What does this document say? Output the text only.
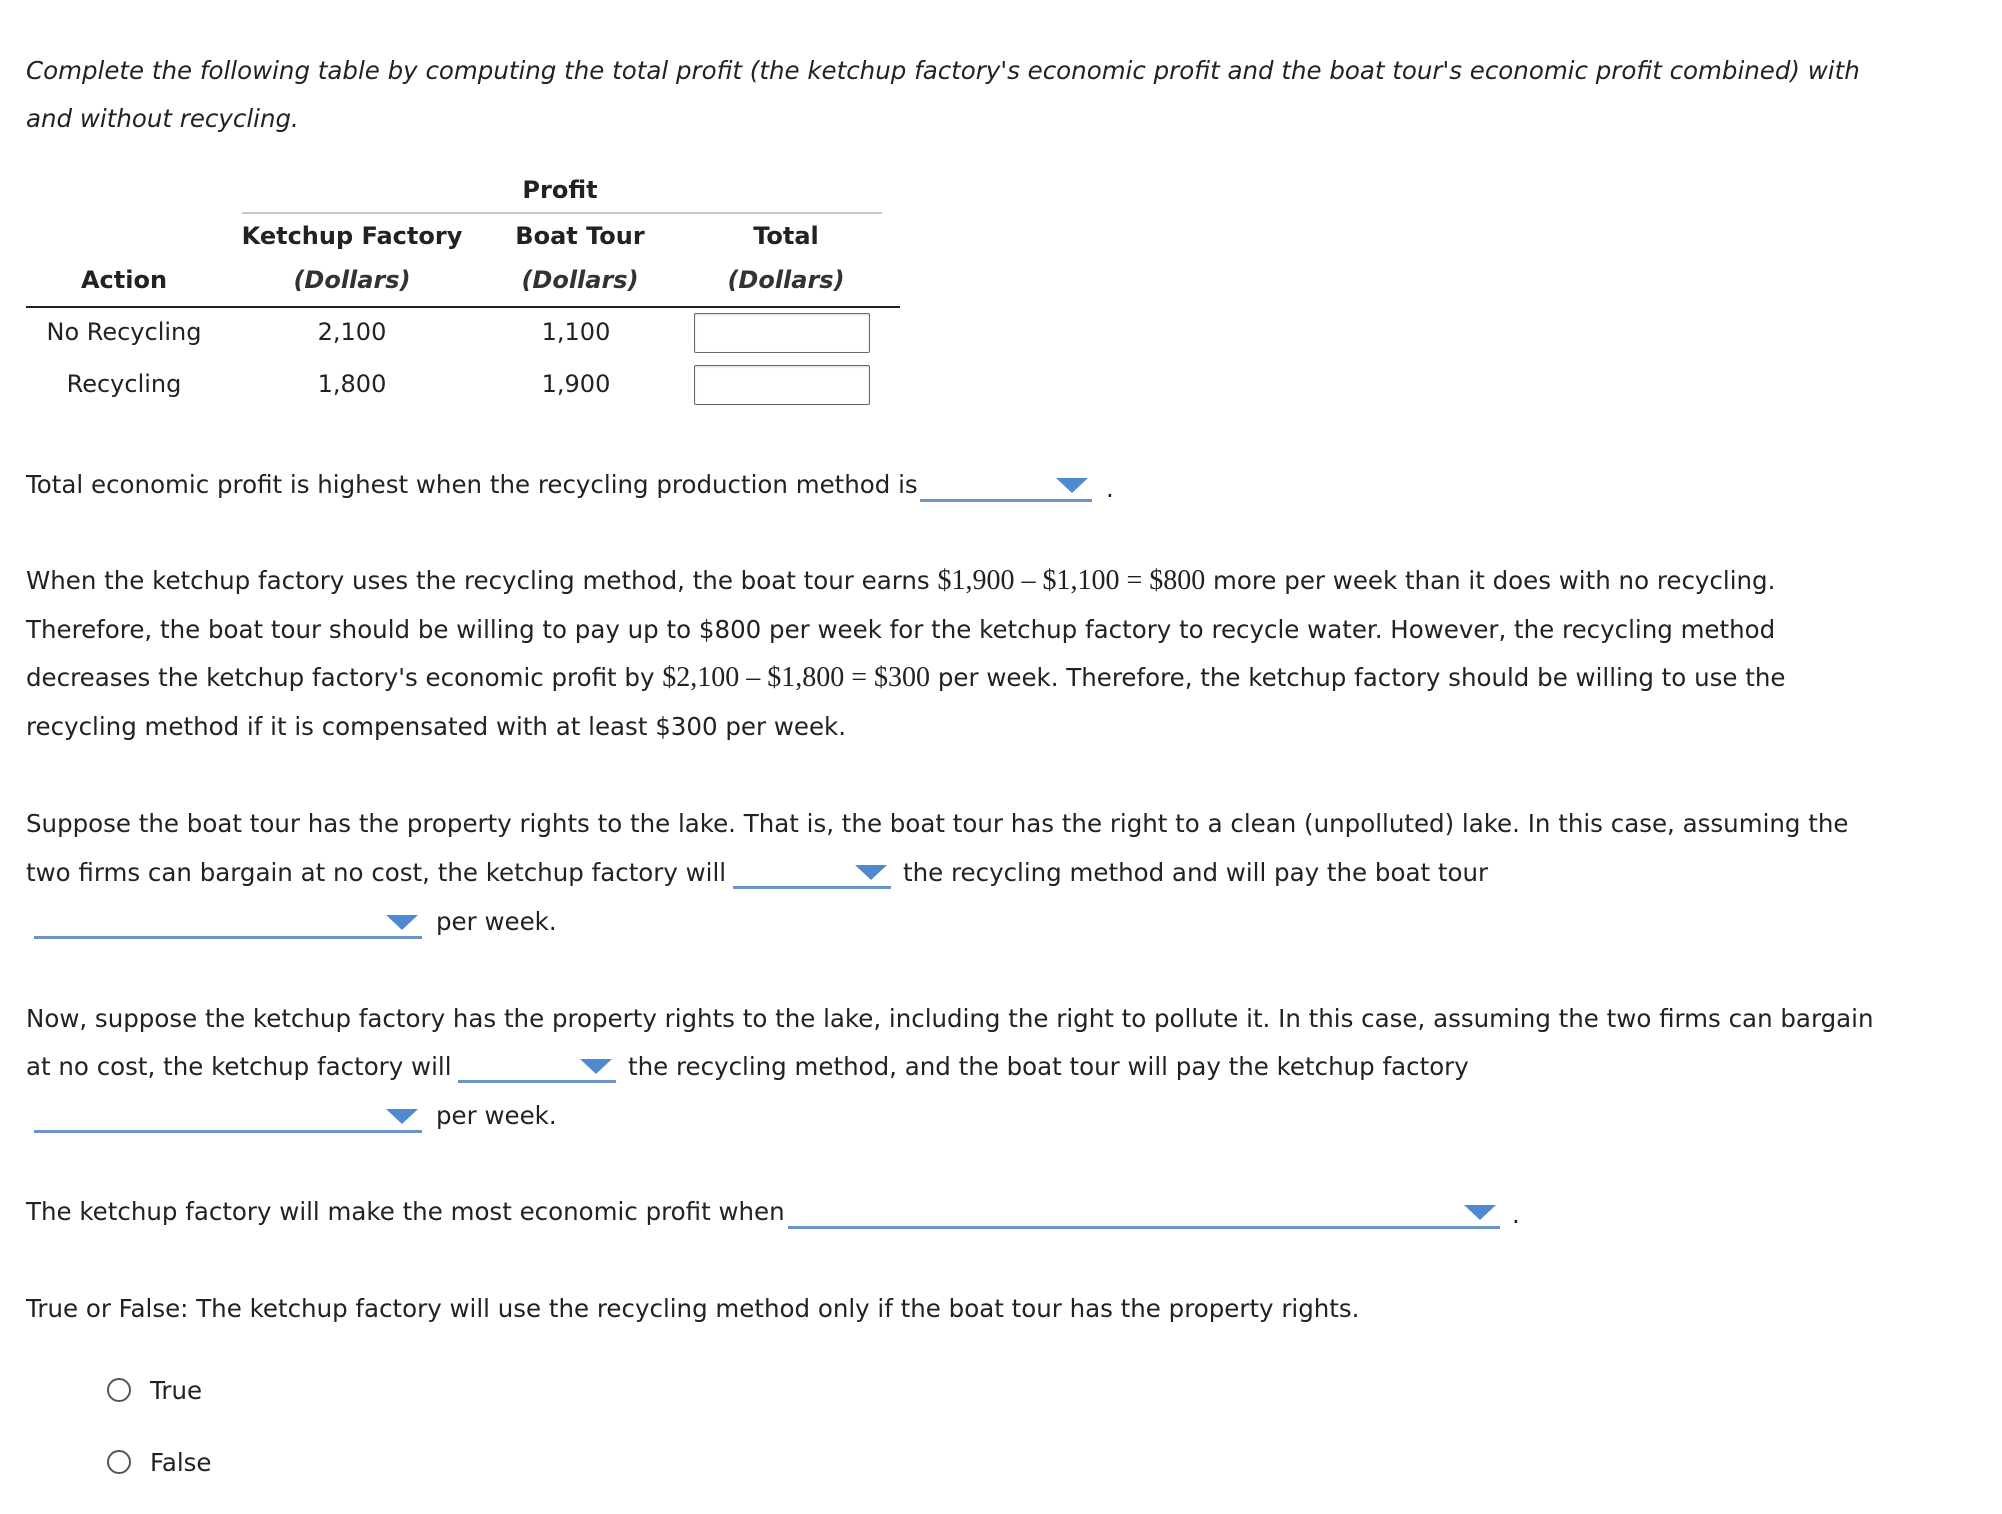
Complete the following table by computing the total profit (the ketchup factory's economic profit and the boat tour's economic profit combined) with
and without recycling.
Profit
Ketchup Factory	Boat Tour	Total
Action	(Dollars)	(Dollars)	(Dollars)
No Recycling	2,100	1,100
Recycling	1,800	1,900
Total economic profit is highest when the recycling production method is	.
When the ketchup factory uses the recycling method, the boat tour earns $1,900 – $1,100 = $800 more per week than it does with no recycling.
Therefore, the boat tour should be willing to pay up to $800 per week for the ketchup factory to recycle water. However, the recycling method
decreases the ketchup factory's economic profit by $2,100 – $1,800 = $300 per week. Therefore, the ketchup factory should be willing to use the
recycling method if it is compensated with at least $300 per week.
Suppose the boat tour has the property rights to the lake. That is, the boat tour has the right to a clean (unpolluted) lake. In this case, assuming the
two firms can bargain at no cost, the ketchup factory will	the recycling method and will pay the boat tour
per week.
Now, suppose the ketchup factory has the property rights to the lake, including the right to pollute it. In this case, assuming the two firms can bargain
at no cost, the ketchup factory will	the recycling method, and the boat tour will pay the ketchup factory
per week.
The ketchup factory will make the most economic profit when	.
True or False: The ketchup factory will use the recycling method only if the boat tour has the property rights.
True
False
